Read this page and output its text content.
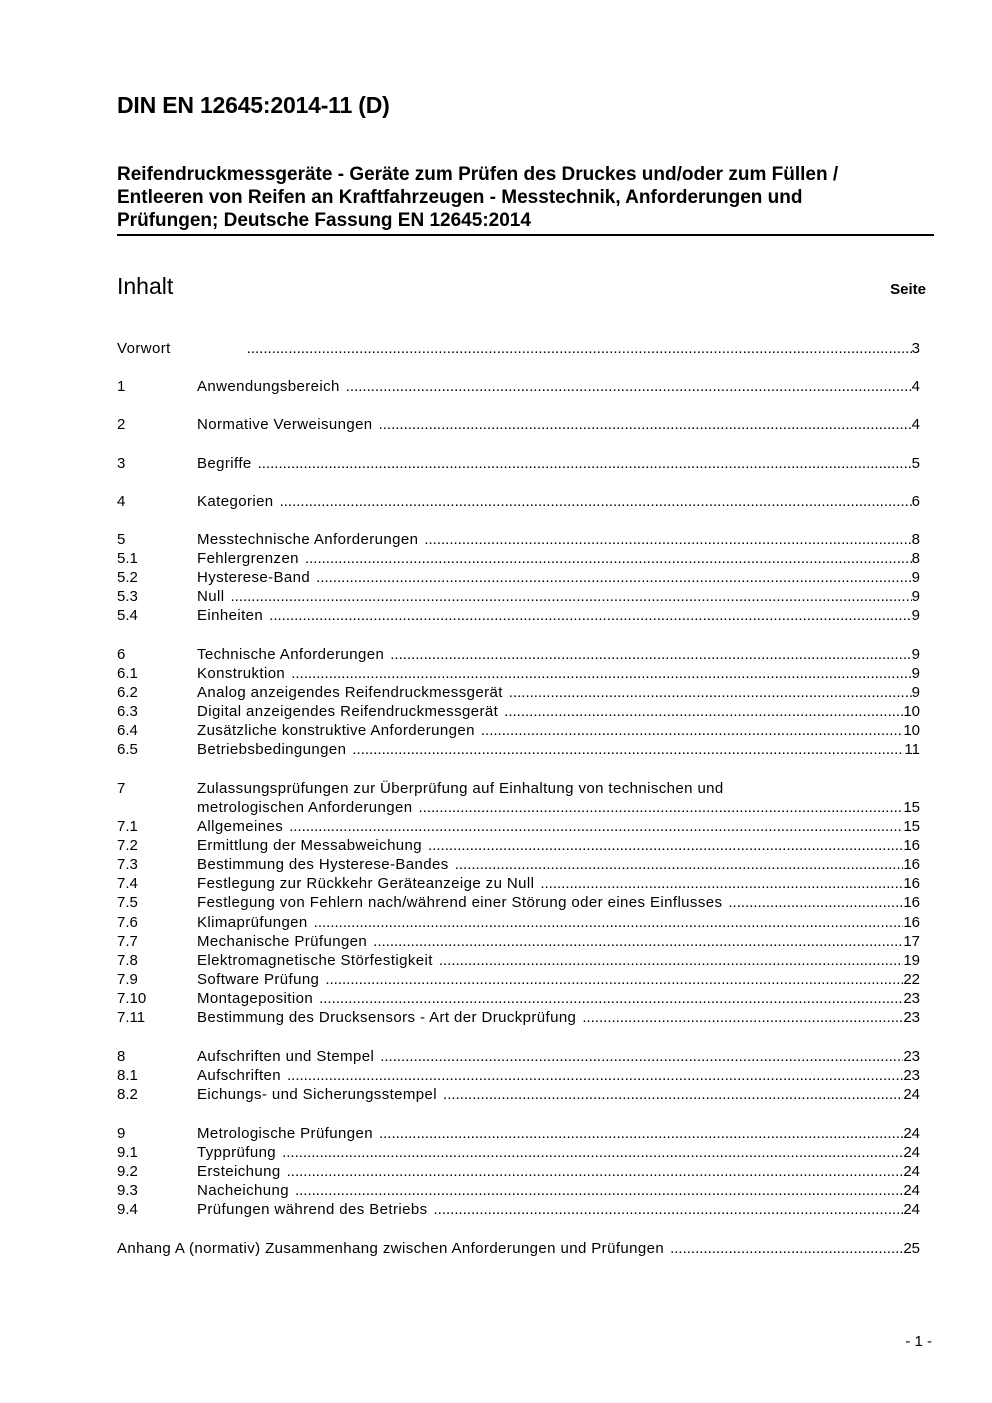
DIN EN 12645:2014-11 (D)
Reifendruckmessgeräte - Geräte zum Prüfen des Druckes und/oder zum Füllen / Entleeren von Reifen an Kraftfahrzeugen - Messtechnik, Anforderungen und Prüfungen; Deutsche Fassung EN 12645:2014
Inhalt	Seite
Vorwort .....	3
1	Anwendungsbereich .....	4
2	Normative Verweisungen .....	4
3	Begriffe .....	5
4	Kategorien .....	6
5	Messtechnische Anforderungen .....	8
5.1	Fehlergrenzen .....	8
5.2	Hysterese-Band .....	9
5.3	Null .....	9
5.4	Einheiten .....	9
6	Technische Anforderungen .....	9
6.1	Konstruktion .....	9
6.2	Analog anzeigendes Reifendruckmessgerät .....	9
6.3	Digital anzeigendes Reifendruckmessgerät .....	10
6.4	Zusätzliche konstruktive Anforderungen .....	10
6.5	Betriebsbedingungen .....	11
7	Zulassungsprüfungen zur Überprüfung auf Einhaltung von technischen und
metrologischen Anforderungen .....	15
7.1	Allgemeines .....	15
7.2	Ermittlung der Messabweichung .....	16
7.3	Bestimmung des Hysterese-Bandes .....	16
7.4	Festlegung zur Rückkehr Geräteanzeige zu Null .....	16
7.5	Festlegung von Fehlern nach/während einer Störung oder eines Einflusses .....	16
7.6	Klimaprüfungen .....	16
7.7	Mechanische Prüfungen .....	17
7.8	Elektromagnetische Störfestigkeit .....	19
7.9	Software Prüfung .....	22
7.10	Montageposition .....	23
7.11	Bestimmung des Drucksensors - Art der Druckprüfung .....	23
8	Aufschriften und Stempel .....	23
8.1	Aufschriften .....	23
8.2	Eichungs- und Sicherungsstempel .....	24
9	Metrologische Prüfungen .....	24
9.1	Typprüfung .....	24
9.2	Ersteichung .....	24
9.3	Nacheichung .....	24
9.4	Prüfungen während des Betriebs .....	24
Anhang A (normativ) Zusammenhang zwischen Anforderungen und Prüfungen .....	25
- 1 -
